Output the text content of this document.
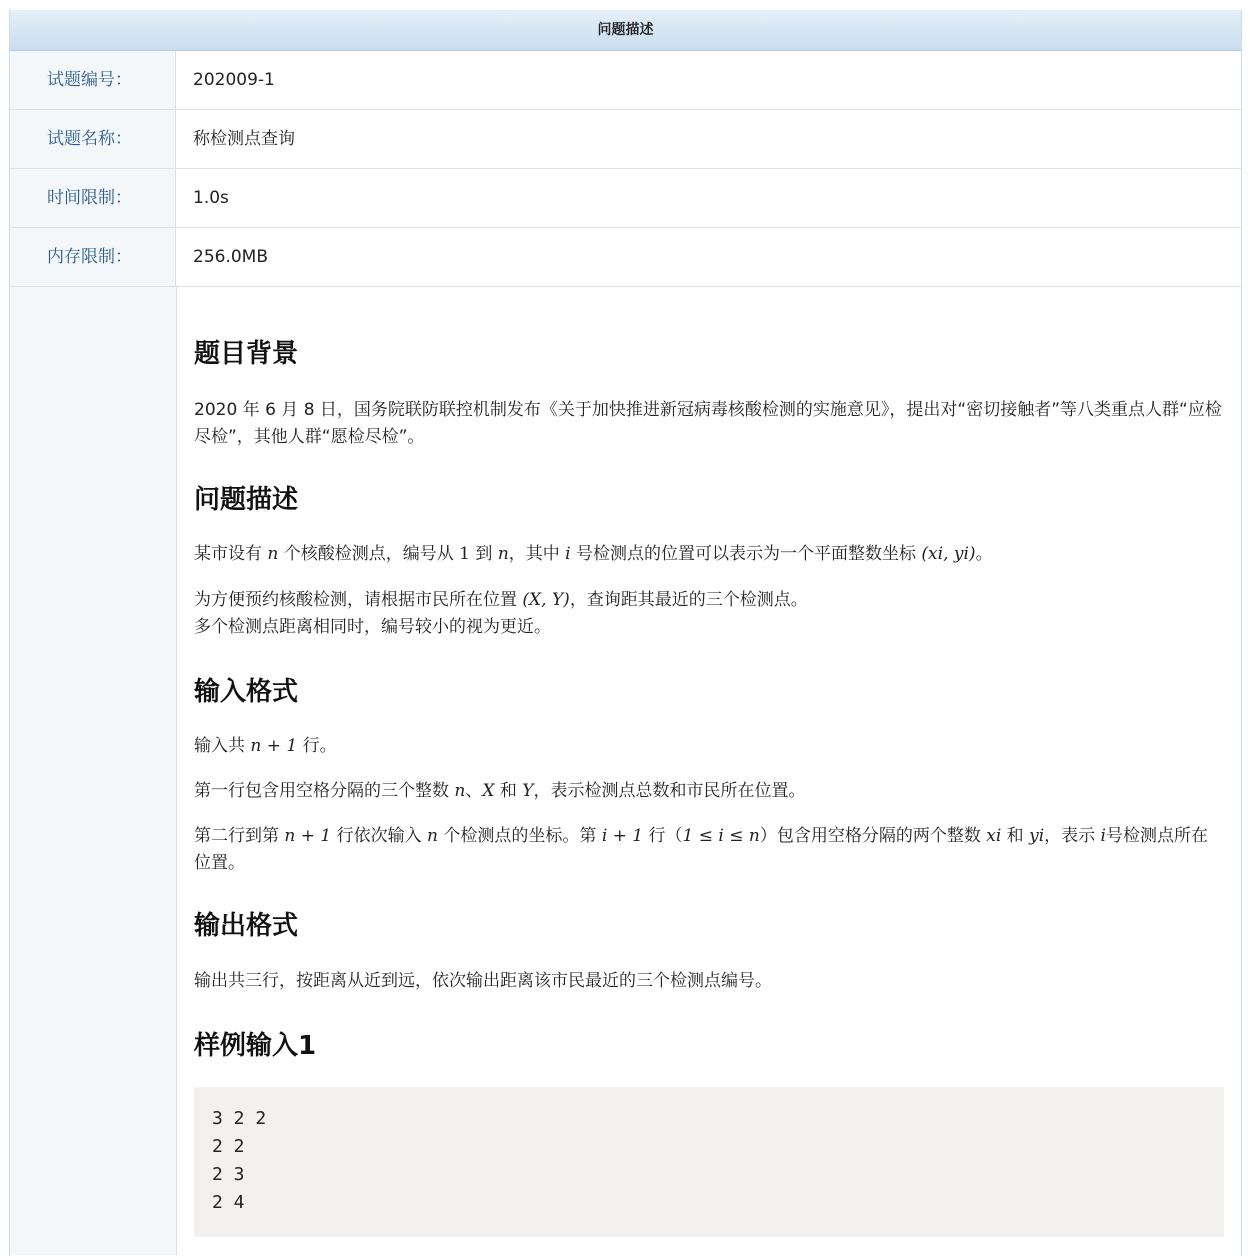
问题描述
试题编号：	202009-1
试题名称：	称检测点查询
时间限制：	1.0s
内存限制：	256.0MB
题目背景

2020 年 6 月 8 日，国务院联防联控机制发布《关于加快推进新冠病毒核酸检测的实施意见》，提出对“密切接触者”等八类重点人群“应检尽检”，其他人群“愿检尽检”。

问题描述

某市设有 n 个核酸检测点，编号从 1 到 n，其中 i 号检测点的位置可以表示为一个平面整数坐标 (xi, yi)。

为方便预约核酸检测，请根据市民所在位置 (X, Y)，查询距其最近的三个检测点。
多个检测点距离相同时，编号较小的视为更近。

输入格式

输入共 n + 1 行。

第一行包含用空格分隔的三个整数 n、X 和 Y，表示检测点总数和市民所在位置。

第二行到第 n + 1 行依次输入 n 个检测点的坐标。第 i + 1 行（1 ≤ i ≤ n）包含用空格分隔的两个整数 xi 和 yi，表示 i号检测点所在位置。

输出格式

输出共三行，按距离从近到远，依次输出距离该市民最近的三个检测点编号。

样例输入1
3 2 2
2 2
2 3
2 4
